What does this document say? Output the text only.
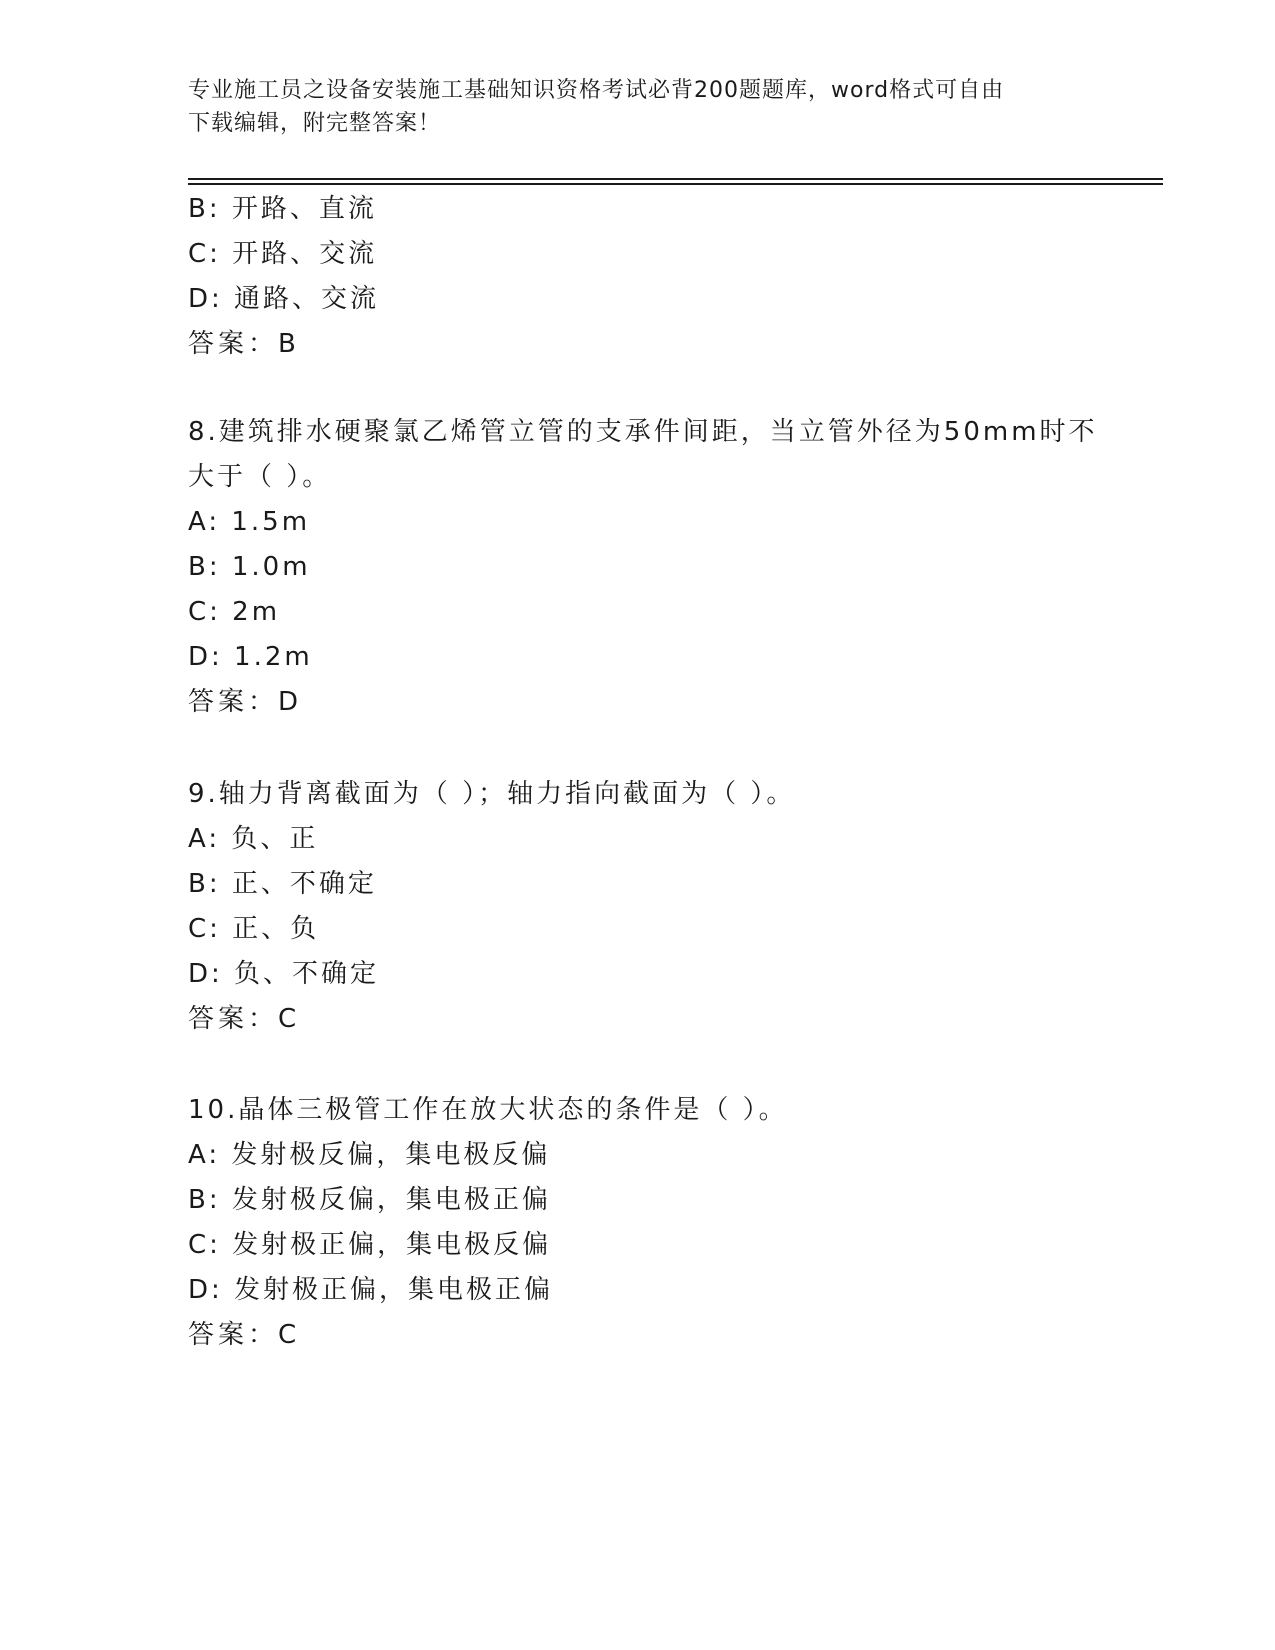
专业施工员之设备安装施工基础知识资格考试必背200题题库，word格式可自由
下载编辑，附完整答案！
B: 开路、直流
C: 开路、交流
D: 通路、交流
答案：B
8.建筑排水硬聚氯乙烯管立管的支承件间距，当立管外径为50mm时不
大于（ ）。
A: 1.5m
B: 1.0m
C: 2m
D: 1.2m
答案：D
9.轴力背离截面为（ ）；轴力指向截面为（ ）。
A: 负、正
B: 正、不确定
C: 正、负
D: 负、不确定
答案：C
10.晶体三极管工作在放大状态的条件是（ ）。
A: 发射极反偏，集电极反偏
B: 发射极反偏，集电极正偏
C: 发射极正偏，集电极反偏
D: 发射极正偏，集电极正偏
答案：C
